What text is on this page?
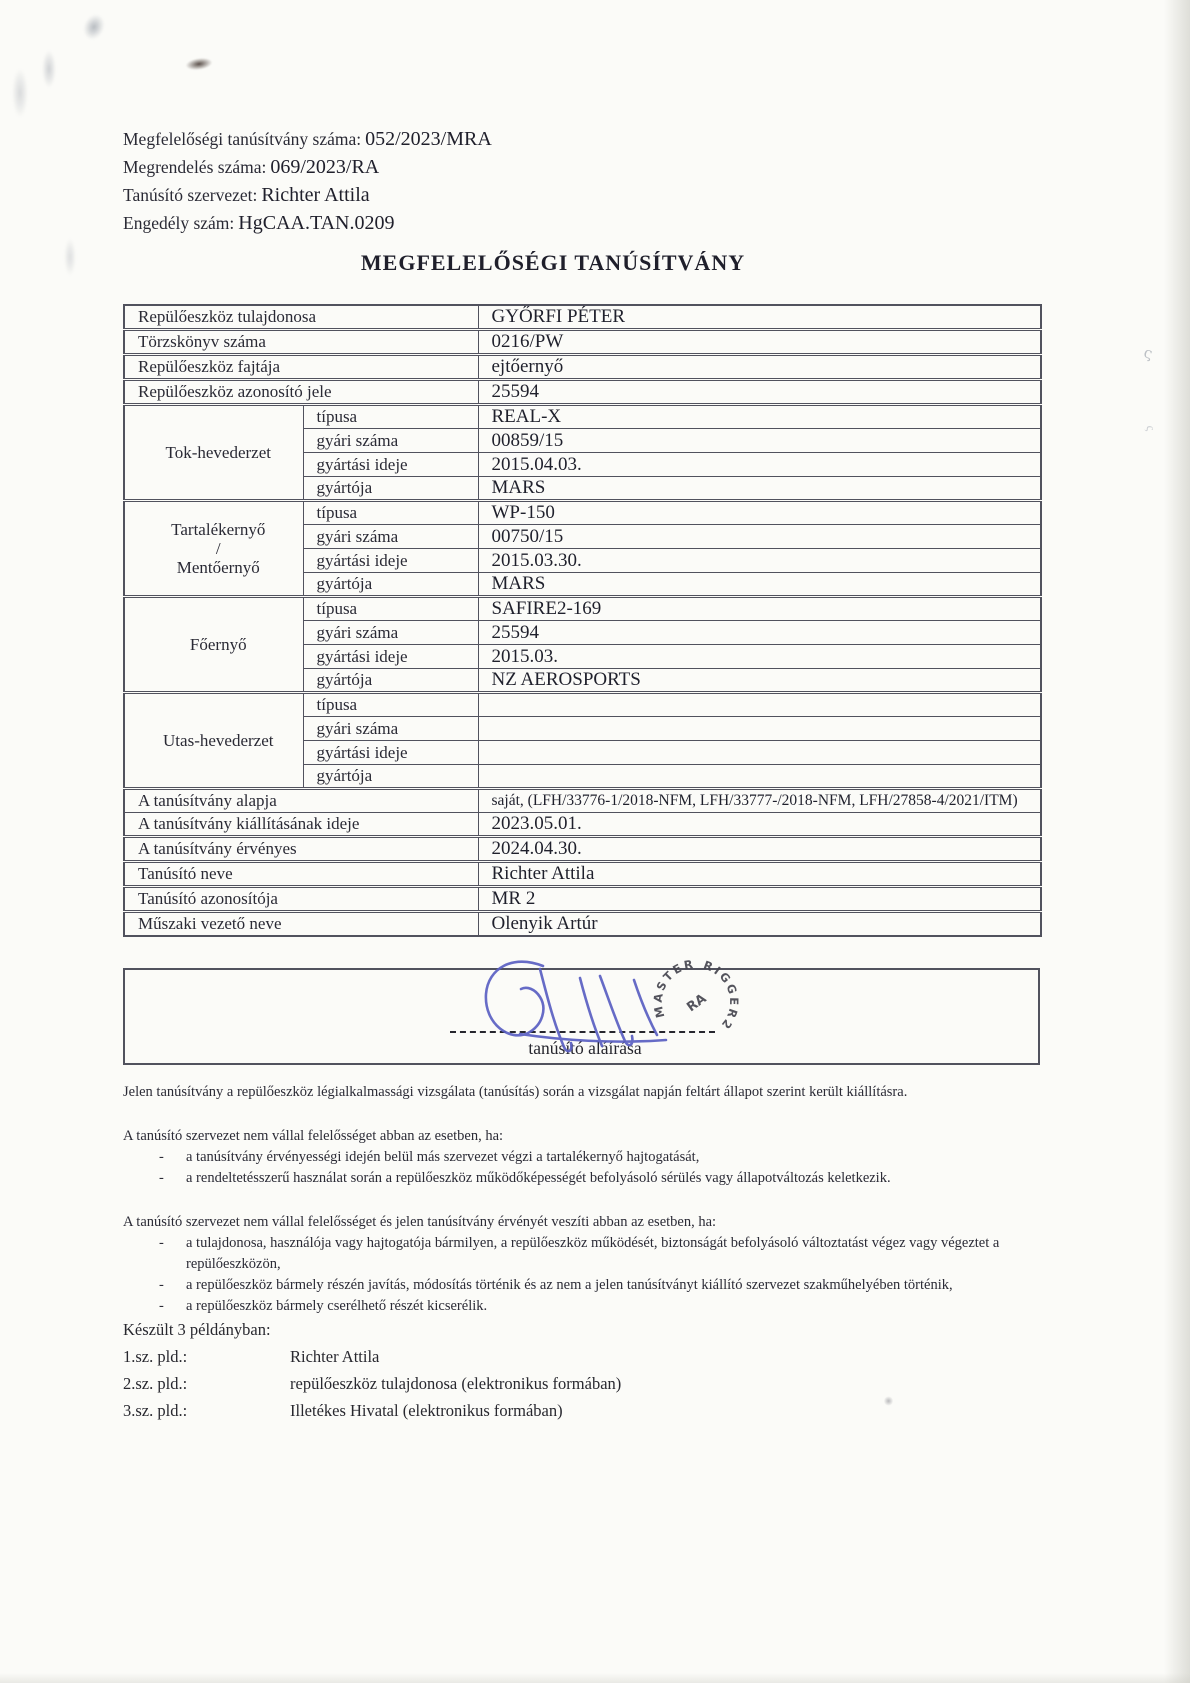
ς
ς
Megfelelőségi tanúsítvány száma: 052/2023/MRA
Megrendelés száma: 069/2023/RA
Tanúsító szervezet: Richter Attila
Engedély szám: HgCAA.TAN.0209
MEGFELELŐSÉGI TANÚSÍTVÁNY
Repülőeszköz tulajdonosa		GYŐRFI PÉTER
Törzskönyv száma		0216/PW
Repülőeszköz fajtája		ejtőernyő
Repülőeszköz azonosító jele		25594
Tok-hevederzet	típusa	REAL-X
	gyári száma	00859/15
	gyártási ideje	2015.04.03.
	gyártója	MARS
Tartalékernyő
/
Mentőernyő	típusa	WP-150
	gyári száma	00750/15
	gyártási ideje	2015.03.30.
	gyártója	MARS
Főernyő	típusa	SAFIRE2-169
	gyári száma	25594
	gyártási ideje	2015.03.
	gyártója	NZ AEROSPORTS
Utas-hevederzet	típusa	
	gyári száma	
	gyártási ideje	
	gyártója	
A tanúsítvány alapja		saját, (LFH/33776-1/2018-NFM, LFH/33777-/2018-NFM, LFH/27858-4/2021/ITM)
A tanúsítvány kiállításának ideje		2023.05.01.
A tanúsítvány érvényes		2024.04.30.
Tanúsító neve		Richter Attila
Tanúsító azonosítója		MR 2
Műszaki vezető neve		Olenyik Artúr
tanúsító aláírása
MASTER RIGGER2
RA
Jelen tanúsítvány a repülőeszköz légialkalmassági vizsgálata (tanúsítás) során a vizsgálat napján feltárt állapot szerint került kiállításra.
A tanúsító szervezet nem vállal felelősséget abban az esetben, ha:
-	a tanúsítvány érvényességi idején belül más szervezet végzi a tartalékernyő hajtogatását,
-	a rendeltetésszerű használat során a repülőeszköz működőképességét befolyásoló sérülés vagy állapotváltozás keletkezik.
A tanúsító szervezet nem vállal felelősséget és jelen tanúsítvány érvényét veszíti abban az esetben, ha:
-	a tulajdonosa, használója vagy hajtogatója bármilyen, a repülőeszköz működését, biztonságát befolyásoló változtatást végez vagy végeztet a repülőeszközön,
-	a repülőeszköz bármely részén javítás, módosítás történik és az nem a jelen tanúsítványt kiállító szervezet szakműhelyében történik,
-	a repülőeszköz bármely cserélhető részét kicserélik.
Készült 3 példányban:
1.sz. pld.:	Richter Attila
2.sz. pld.:	repülőeszköz tulajdonosa (elektronikus formában)
3.sz. pld.:	Illetékes Hivatal (elektronikus formában)
